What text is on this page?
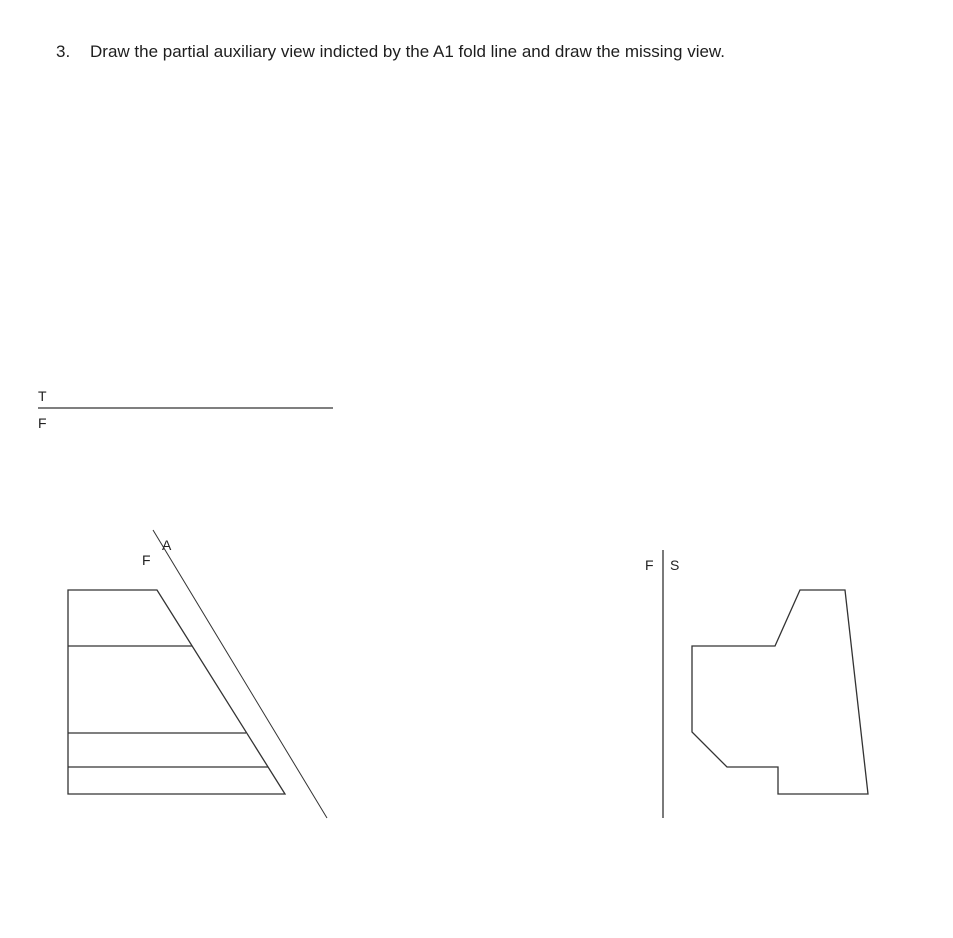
3. Draw the partial auxiliary view indicted by the A1 fold line and draw the missing view.
T
F
F
A
F S
